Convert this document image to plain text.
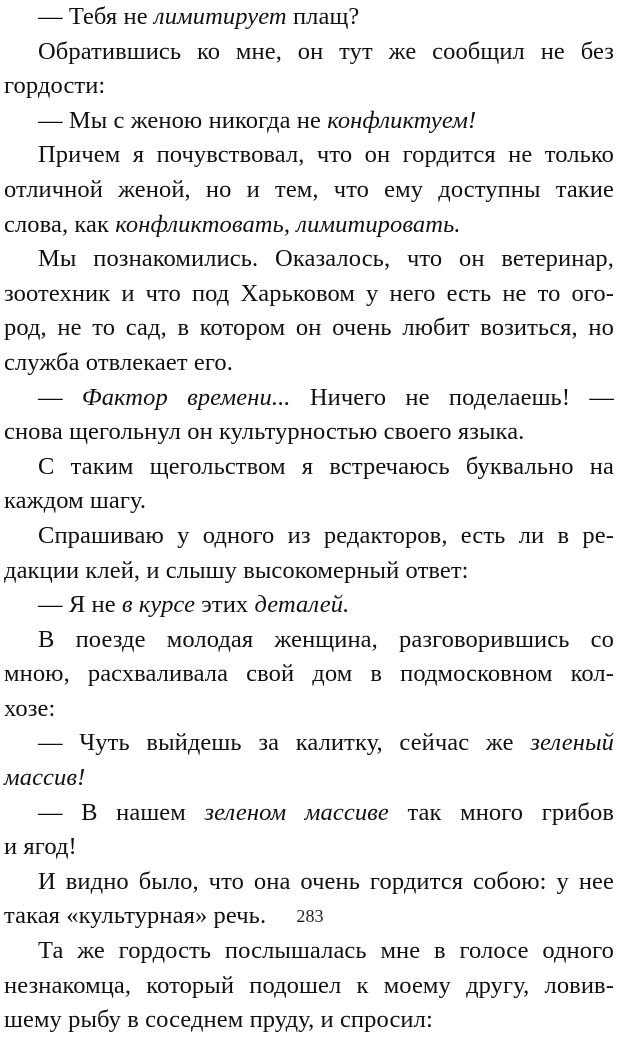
— Тебя не лимитирует плащ?
Обратившись ко мне, он тут же сообщил не без
гордости:
— Мы с женою никогда не конфликтуем!
Причем я почувствовал, что он гордится не только
отличной женой, но и тем, что ему доступны такие
слова, как конфликтовать, лимитировать.
Мы познакомились. Оказалось, что он ветеринар,
зоотехник и что под Харьковом у него есть не то ого-
род, не то сад, в котором он очень любит возиться, но
служба отвлекает его.
— Фактор времени... Ничего не поделаешь! —
снова щегольнул он культурностью своего языка.
С таким щегольством я встречаюсь буквально на
каждом шагу.
Спрашиваю у одного из редакторов, есть ли в ре-
дакции клей, и слышу высокомерный ответ:
— Я не в курсе этих деталей.
В поезде молодая женщина, разговорившись со
мною, расхваливала свой дом в подмосковном кол-
хозе:
— Чуть выйдешь за калитку, сейчас же зеленый
массив!
— В нашем зеленом массиве так много грибов
и ягод!
И видно было, что она очень гордится собою: у нее
такая «культурная» речь.
Та же гордость послышалась мне в голосе одного
незнакомца, который подошел к моему другу, ловив-
шему рыбу в соседнем пруду, и спросил:
283
